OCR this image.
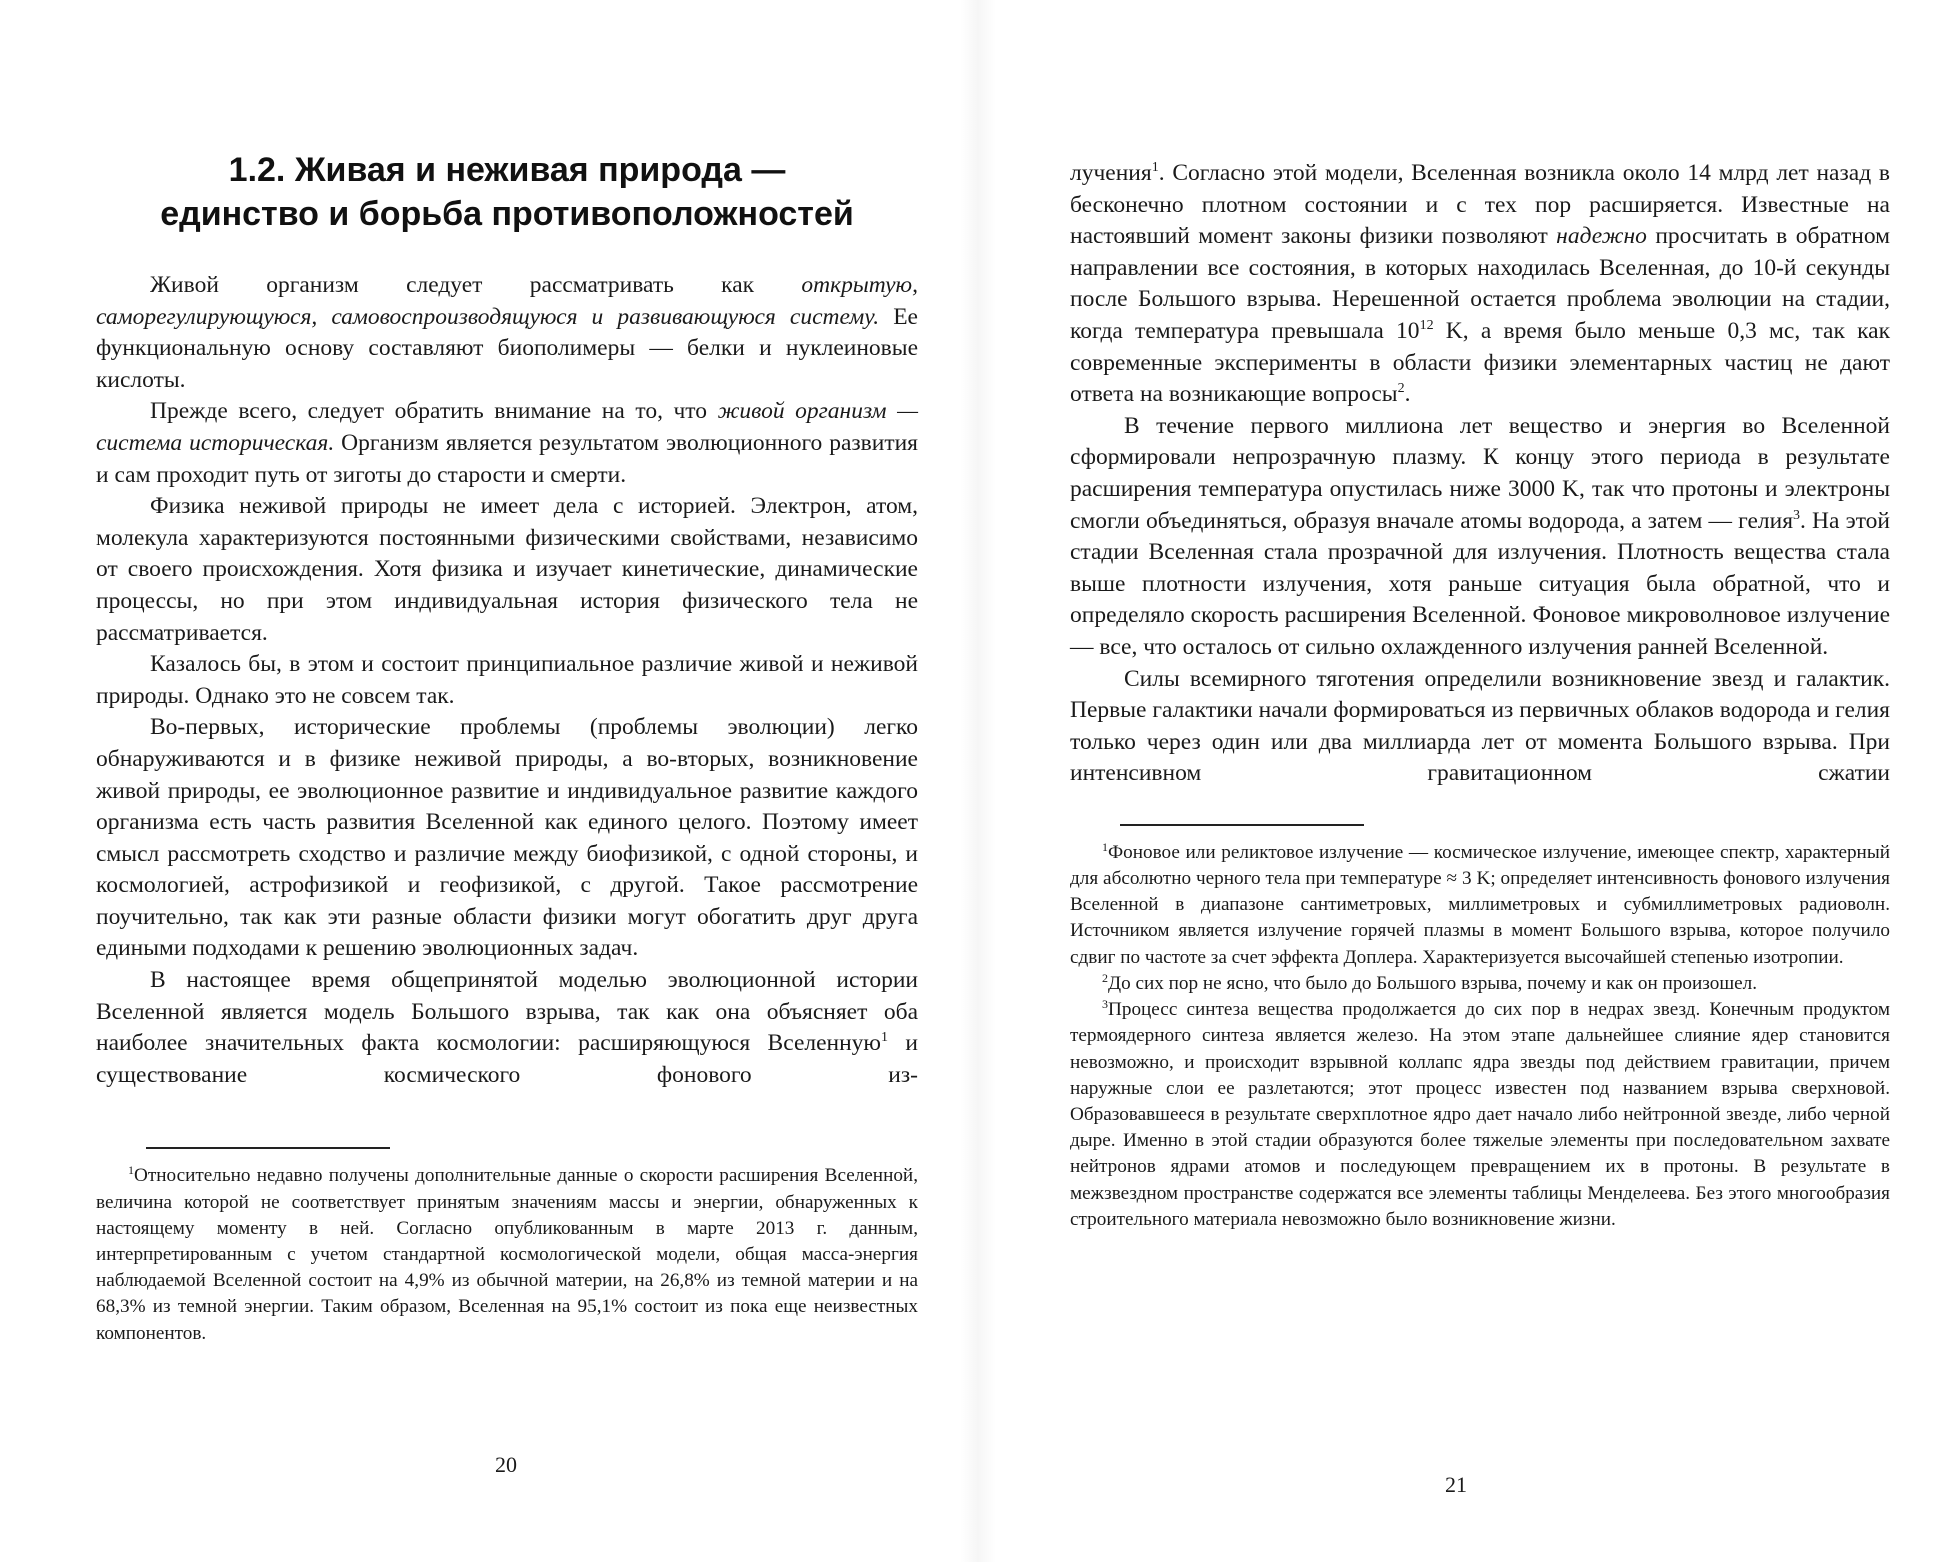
1.2. Живая и неживая природа —
единство и борьба противоположностей

Живой организм следует рассматривать как открытую, саморегулирующуюся, самовоспроизводящуюся и развивающуюся систему. Ее функциональную основу составляют биополимеры — белки и нуклеиновые кислоты.

Прежде всего, следует обратить внимание на то, что живой организм — система историческая. Организм является результатом эволюционного развития и сам проходит путь от зиготы до старости и смерти.

Физика неживой природы не имеет дела с историей. Электрон, атом, молекула характеризуются постоянными физическими свойствами, независимо от своего происхождения. Хотя физика и изучает кинетические, динамические процессы, но при этом индивидуальная история физического тела не рассматривается.

Казалось бы, в этом и состоит принципиальное различие живой и неживой природы. Однако это не совсем так.

Во-первых, исторические проблемы (проблемы эволюции) легко обнаруживаются и в физике неживой природы, а во-вторых, возникновение живой природы, ее эволюционное развитие и индивидуальное развитие каждого организма есть часть развития Вселенной как единого целого. Поэтому имеет смысл рассмотреть сходство и различие между биофизикой, с одной стороны, и космологией, астрофизикой и геофизикой, с другой. Такое рассмотрение поучительно, так как эти разные области физики могут обогатить друг друга едиными подходами к решению эволюционных задач.

В настоящее время общепринятой моделью эволюционной истории Вселенной является модель Большого взрыва, так как она объясняет оба наиболее значительных факта космологии: расширяющуюся Вселенную$^1$ и существование космического фонового из-

$^1$Относительно недавно получены дополнительные данные о скорости расширения Вселенной, величина которой не соответствует принятым значениям массы и энергии, обнаруженных к настоящему моменту в ней. Согласно опубликованным в марте 2013 г. данным, интерпретированным с учетом стандартной космологической модели, общая масса-энергия наблюдаемой Вселенной состоит на 4,9% из обычной материи, на 26,8% из темной материи и на 68,3% из темной энергии. Таким образом, Вселенная на 95,1% состоит из пока еще неизвестных компонентов.

20

лучения$^1$. Согласно этой модели, Вселенная возникла около 14 млрд лет назад в бесконечно плотном состоянии и с тех пор расширяется. Известные на настоявший момент законы физики позволяют надежно просчитать в обратном направлении все состояния, в которых находилась Вселенная, до 10-й секунды после Большого взрыва. Нерешенной остается проблема эволюции на стадии, когда температура превышала $10^{12}$ K, а время было меньше 0,3 мс, так как современные эксперименты в области физики элементарных частиц не дают ответа на возникающие вопросы$^2$.

В течение первого миллиона лет вещество и энергия во Вселенной сформировали непрозрачную плазму. К концу этого периода в результате расширения температура опустилась ниже 3000 K, так что протоны и электроны смогли объединяться, образуя вначале атомы водорода, а затем — гелия$^3$. На этой стадии Вселенная стала прозрачной для излучения. Плотность вещества стала выше плотности излучения, хотя раньше ситуация была обратной, что и определяло скорость расширения Вселенной. Фоновое микроволновое излучение — все, что осталось от сильно охлажденного излучения ранней Вселенной.

Силы всемирного тяготения определили возникновение звезд и галактик. Первые галактики начали формироваться из первичных облаков водорода и гелия только через один или два миллиарда лет от момента Большого взрыва. При интенсивном гравитационном сжатии

$^1$Фоновое или реликтовое излучение — космическое излучение, имеющее спектр, характерный для абсолютно черного тела при температуре ≈ 3 K; определяет интенсивность фонового излучения Вселенной в диапазоне сантиметровых, миллиметровых и субмиллиметровых радиоволн. Источником является излучение горячей плазмы в момент Большого взрыва, которое получило сдвиг по частоте за счет эффекта Доплера. Характеризуется высочайшей степенью изотропии.

$^2$До сих пор не ясно, что было до Большого взрыва, почему и как он произошел.

$^3$Процесс синтеза вещества продолжается до сих пор в недрах звезд. Конечным продуктом термоядерного синтеза является железо. На этом этапе дальнейшее слияние ядер становится невозможно, и происходит взрывной коллапс ядра звезды под действием гравитации, причем наружные слои ее разлетаются; этот процесс известен под названием взрыва сверхновой. Образовавшееся в результате сверхплотное ядро дает начало либо нейтронной звезде, либо черной дыре. Именно в этой стадии образуются более тяжелые элементы при последовательном захвате нейтронов ядрами атомов и последующем превращением их в протоны. В результате в межзвездном пространстве содержатся все элементы таблицы Менделеева. Без этого многообразия строительного материала невозможно было возникновение жизни.

21
